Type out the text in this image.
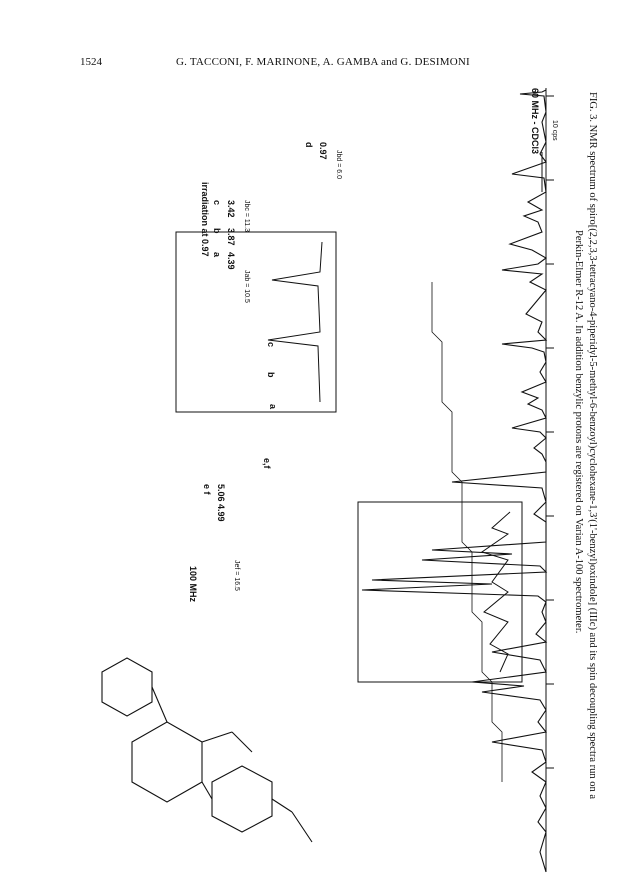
1524	G. TACCONI, F. MARINONE, A. GAMBA and G. DESIMONI
60 MHz - CDCl3 10 cps
irradiation at 0.97 a 4.39
Jab = 10.5
b 3.87
c 3.42 Jbc = 11.3
d 0.97 Jbd = 6.0
100 MHz
e f 5.06 4.99
Jef = 16.5
a
b
c
e,f	FIG. 3. NMR spectrum of spiro[(2,2,3,3-tetracyano-4-piperidyl-5-methyl-6-benzoyl)cyclohexane-1,3'(1'-benzyl)oxindole] (IIIc) and its spin decoupling spectra run on a
Perkin-Elmer R-12 A. In addition benzylic protons are registered on Varian A-100 spectrometer.
